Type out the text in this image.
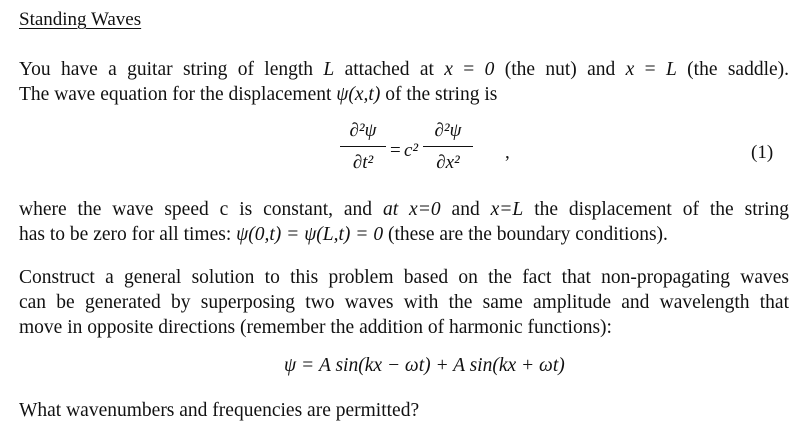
Standing Waves
You have a guitar string of length L attached at x = 0 (the nut) and x = L (the saddle).
The wave equation for the displacement ψ(x,t) of the string is
∂²ψ
∂t²
= c²
∂²ψ
∂x²	,	(1)
where the wave speed c is constant, and at x=0 and x=L the displacement of the string
has to be zero for all times: ψ(0,t) = ψ(L,t) = 0 (these are the boundary conditions).
Construct a general solution to this problem based on the fact that non-propagating waves
can be generated by superposing two waves with the same amplitude and wavelength that
move in opposite directions (remember the addition of harmonic functions):
ψ = A sin(kx − ωt) + A sin(kx + ωt)
What wavenumbers and frequencies are permitted?
